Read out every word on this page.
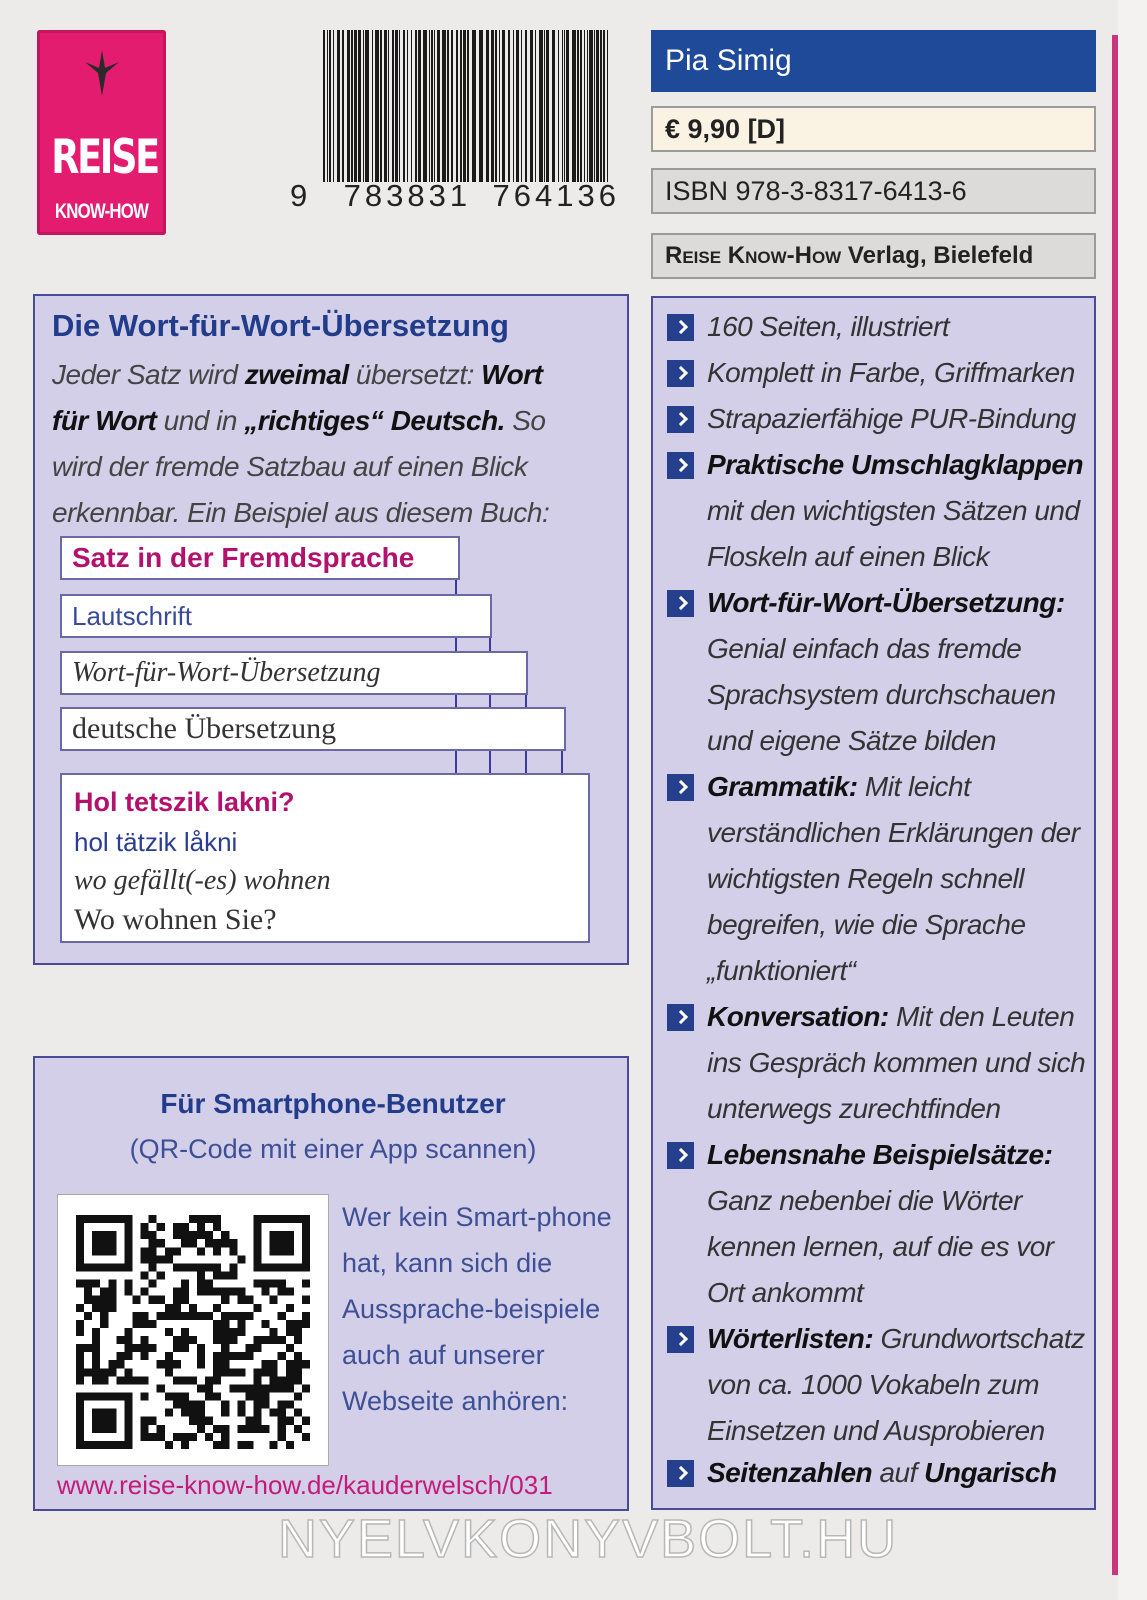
REISE
KNOW-HOW	9 783831 764136
Pia Simig
€ 9,90 [D]
ISBN 978-3-8317-6413-6
Reise Know-How
Verlag, Bielefeld
160 Seiten, illustriert
Komplett in Farbe, Griffmarken
Strapazierfähige PUR-Bindung
Praktische Umschlagklappen mit den wichtigsten Sätzen und Floskeln auf einen Blick
Wort-für-Wort-Übersetzung: Genial einfach das fremde Sprachsystem durchschauen und eigene Sätze bilden
Grammatik: Mit leicht verständlichen Erklärungen der wichtigsten Regeln schnell begreifen, wie die Sprache „funktioniert“
Konversation: Mit den Leuten ins Gespräch kommen und sich unterwegs zurechtfinden
Lebensnahe Beispielsätze: Ganz nebenbei die Wörter kennen lernen, auf die es vor Ort ankommt
Wörterlisten: Grundwortschatz von ca. 1000 Vokabeln zum Einsetzen und Ausprobieren
Seitenzahlen auf Ungarisch
Die Wort-für-Wort-Übersetzung
Jeder Satz wird zweimal übersetzt: Wort für Wort und in „richtiges“ Deutsch. So wird der fremde Satzbau auf einen Blick erkennbar. Ein Beispiel aus diesem Buch:
Satz in der Fremdsprache
Lautschrift
Wort-für-Wort-Übersetzung
deutsche Übersetzung
Hol tetszik lakni?
hol tätzik låkni
wo gefällt(-es) wohnen
Wo wohnen Sie?
Für Smartphone-Benutzer
(QR-Code mit einer App scannen)
Wer kein Smart-phone hat, kann sich die Aussprache-beispiele auch auf unserer Webseite anhören:
www.reise-know-how.de/kauderwelsch/031
NYELVKONYVBOLT.HU
